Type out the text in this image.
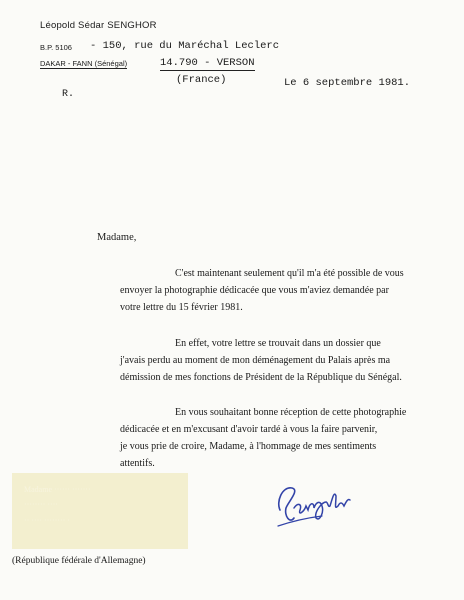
Léopold Sédar SENGHOR
B.P. 5106
DAKAR - FANN (Sénégal)
- 150, rue du Maréchal Leclerc
14.790 - VERSON
(France)	Le 6 septembre 1981.
R.
Madame,
C'est maintenant seulement qu'il m'a été possible de vous
envoyer la photographie dédicacée que vous m'aviez demandée par
votre lettre du 15 février 1981.
En effet, votre lettre se trouvait dans un dossier que
j'avais perdu au moment de mon déménagement du Palais après ma
démission de mes fonctions de Président de la République du Sénégal.
En vous souhaitant bonne réception de cette photographie
dédicacée et en m'excusant d'avoir tardé à vous la faire parvenir,
je vous prie de croire, Madame, à l'hommage de mes sentiments
attentifs.
Madame ······ ·······
········ ····
·· ···· ········ ·
(République fédérale d'Allemagne)
